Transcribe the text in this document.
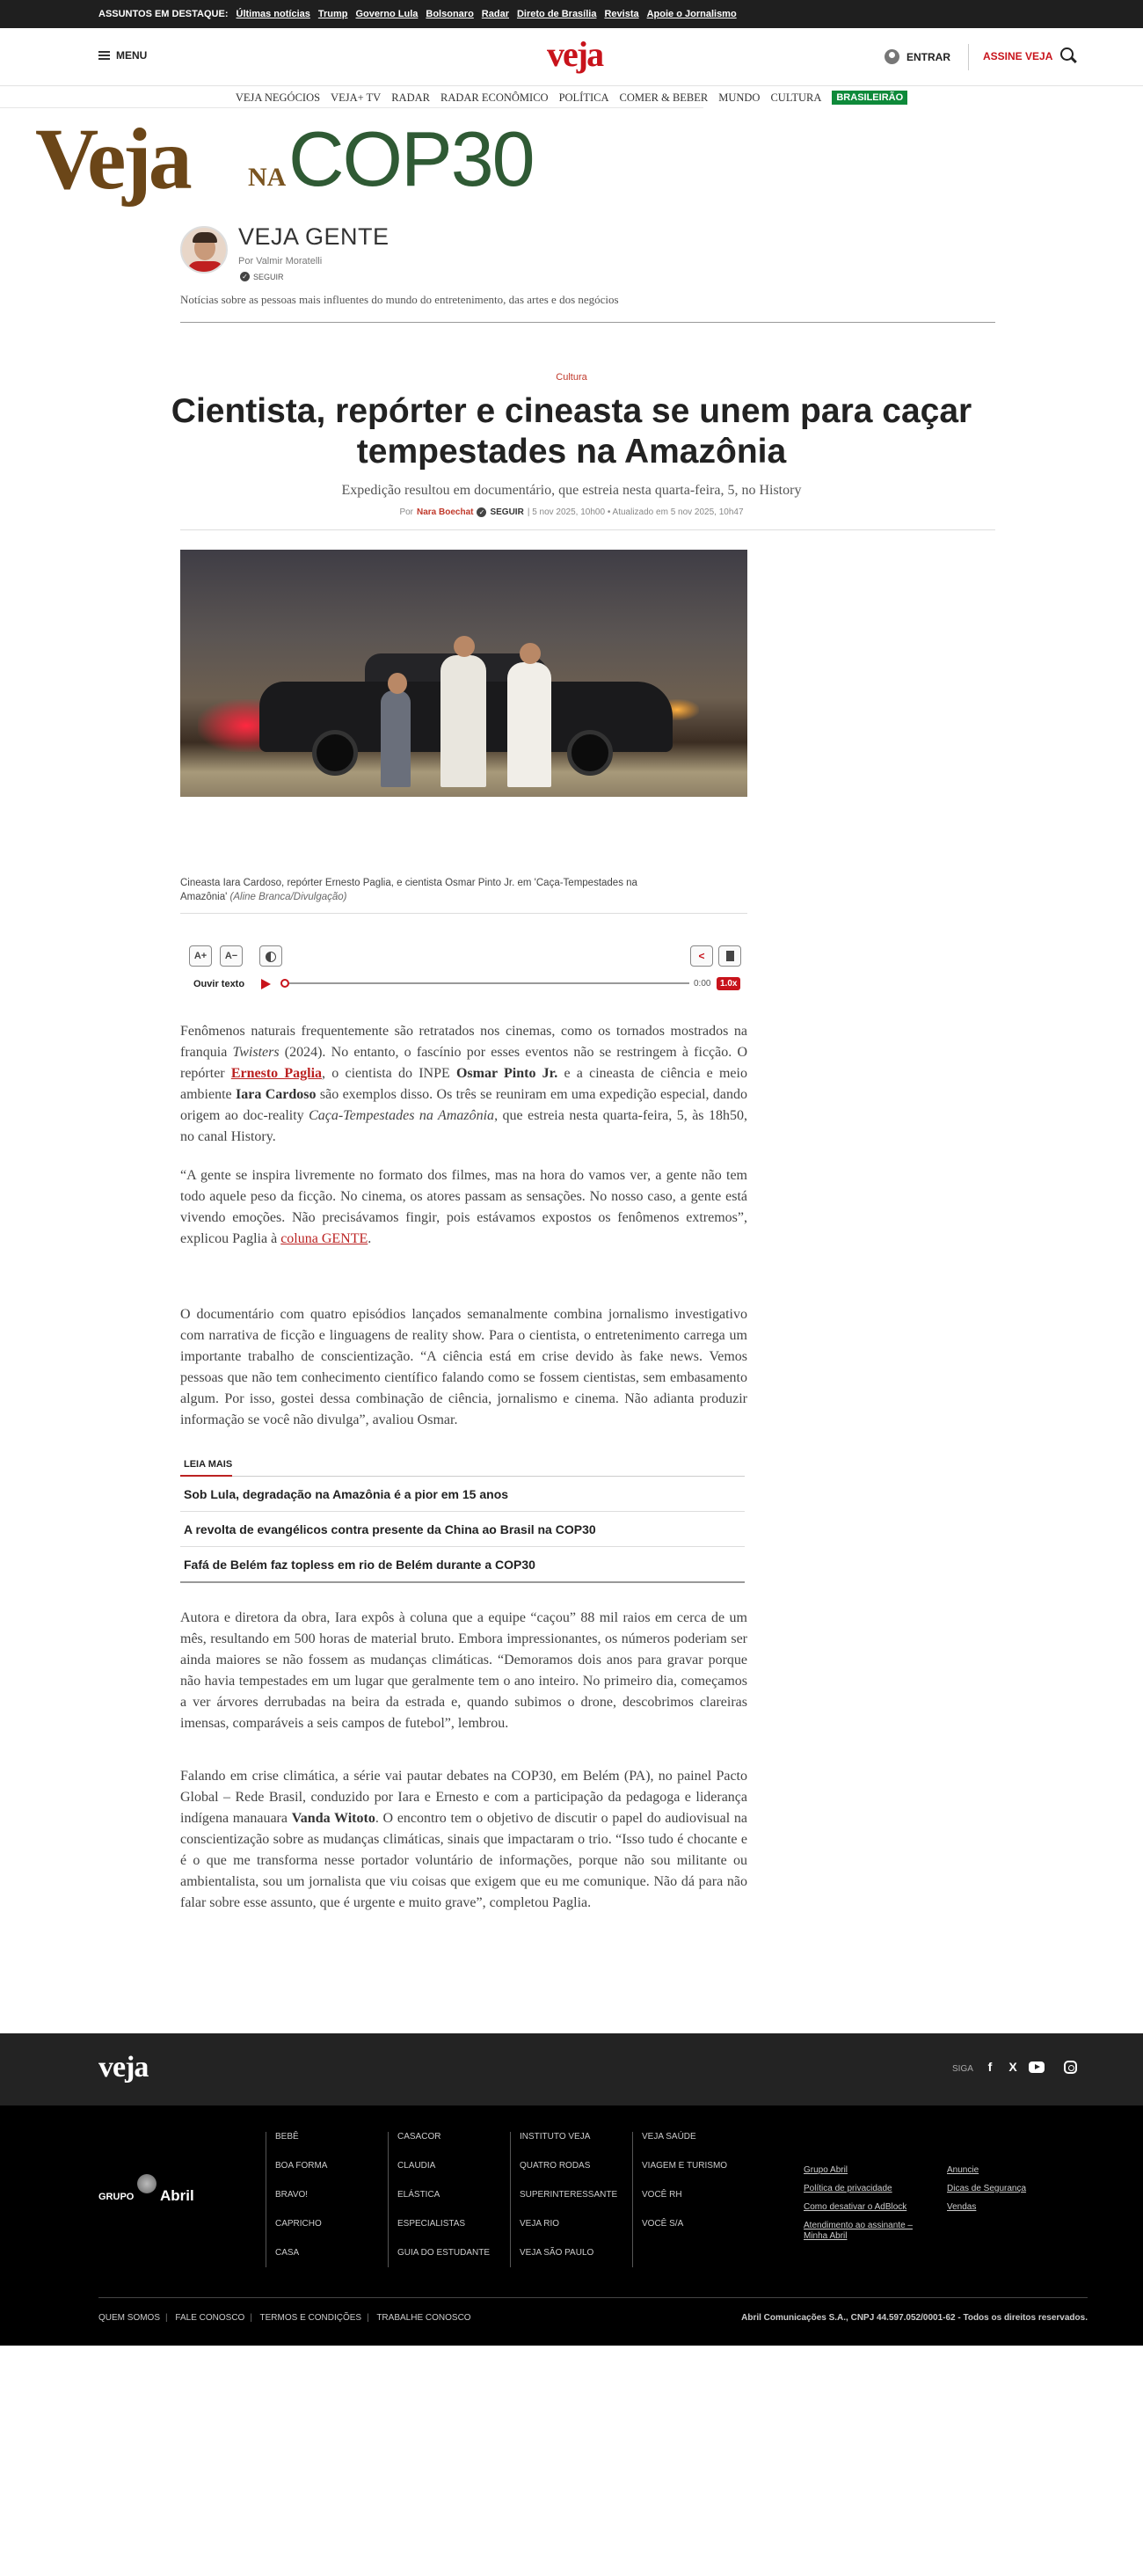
ASSUNTOS EM DESTAQUE: Últimas notícias Trump Governo Lula Bolsonaro Radar Direto de Brasília Revista Apoie o Jornalismo
MENU	veja	ENTRAR	ASSINE VEJA
VEJA NEGÓCIOS VEJA+ TV RADAR RADAR ECONÔMICO POLÍTICA COMER & BEBER MUNDO CULTURA	BRASILEIRÃO
Veja NA COP30
VEJA GENTE
Por Valmir Moratelli
✓ SEGUIR
Notícias sobre as pessoas mais influentes do mundo do entretenimento, das artes e dos negócios
Cultura
Cientista, repórter e cineasta se unem para caçar tempestades na Amazônia
Expedição resultou em documentário, que estreia nesta quarta-feira, 5, no History
Por Nara Boechat ✓ SEGUIR | 5 nov 2025, 10h00 • Atualizado em 5 nov 2025, 10h47
Cineasta Iara Cardoso, repórter Ernesto Paglia, e cientista Osmar Pinto Jr. em 'Caça-Tempestades na Amazônia' (Aline Branca/Divulgação)
A+	A−	<
Ouvir texto	0:00	1.0x

Fenômenos naturais frequentemente são retratados nos cinemas, como os tornados mostrados na franquia Twisters (2024). No entanto, o fascínio por esses eventos não se restringem à ficção. O repórter Ernesto Paglia, o cientista do INPE Osmar Pinto Jr. e a cineasta de ciência e meio ambiente Iara Cardoso são exemplos disso. Os três se reuniram em uma expedição especial, dando origem ao doc-reality Caça-Tempestades na Amazônia, que estreia nesta quarta-feira, 5, às 18h50, no canal History.

“A gente se inspira livremente no formato dos filmes, mas na hora do vamos ver, a gente não tem todo aquele peso da ficção. No cinema, os atores passam as sensações. No nosso caso, a gente está vivendo emoções. Não precisávamos fingir, pois estávamos expostos os fenômenos extremos”, explicou Paglia à coluna GENTE.

O documentário com quatro episódios lançados semanalmente combina jornalismo investigativo com narrativa de ficção e linguagens de reality show. Para o cientista, o entretenimento carrega um importante trabalho de conscientização. “A ciência está em crise devido às fake news. Vemos pessoas que não tem conhecimento científico falando como se fossem cientistas, sem embasamento algum. Por isso, gostei dessa combinação de ciência, jornalismo e cinema. Não adianta produzir informação se você não divulga”, avaliou Osmar.

LEIA MAIS
Sob Lula, degradação na Amazônia é a pior em 15 anos
A revolta de evangélicos contra presente da China ao Brasil na COP30
Fafá de Belém faz topless em rio de Belém durante a COP30

Autora e diretora da obra, Iara expôs à coluna que a equipe “caçou” 88 mil raios em cerca de um mês, resultando em 500 horas de material bruto. Embora impressionantes, os números poderiam ser ainda maiores se não fossem as mudanças climáticas. “Demoramos dois anos para gravar porque não havia tempestades em um lugar que geralmente tem o ano inteiro. No primeiro dia, começamos a ver árvores derrubadas na beira da estrada e, quando subimos o drone, descobrimos clareiras imensas, comparáveis a seis campos de futebol”, lembrou.

Falando em crise climática, a série vai pautar debates na COP30, em Belém (PA), no painel Pacto Global – Rede Brasil, conduzido por Iara e Ernesto e com a participação da pedagoga e liderança indígena manauara Vanda Witoto. O encontro tem o objetivo de discutir o papel do audiovisual na conscientização sobre as mudanças climáticas, sinais que impactaram o trio. “Isso tudo é chocante e é o que me transforma nesse portador voluntário de informações, porque não sou militante ou ambientalista, sou um jornalista que viu coisas que exigem que eu me comunique. Não dá para não falar sobre esse assunto, que é urgente e muito grave”, completou Paglia.

veja	SIGA	f	X
GRUPO Abril
BEBÊ
BOA FORMA
BRAVO!
CAPRICHO
CASA
CASACOR
CLAUDIA
ELÁSTICA
ESPECIALISTAS
GUIA DO ESTUDANTE
INSTITUTO VEJA
QUATRO RODAS
SUPERINTERESSANTE
VEJA RIO
VEJA SÃO PAULO
VEJA SAÚDE
VIAGEM E TURISMO
VOCÊ RH
VOCÊ S/A
Grupo Abril
Política de privacidade
Como desativar o AdBlock
Atendimento ao assinante – Minha Abril
Anuncie
Dicas de Segurança
Vendas
QUEM SOMOS | FALE CONOSCO | TERMOS E CONDIÇÕES | TRABALHE CONOSCO	Abril Comunicações S.A., CNPJ 44.597.052/0001-62 - Todos os direitos reservados.
